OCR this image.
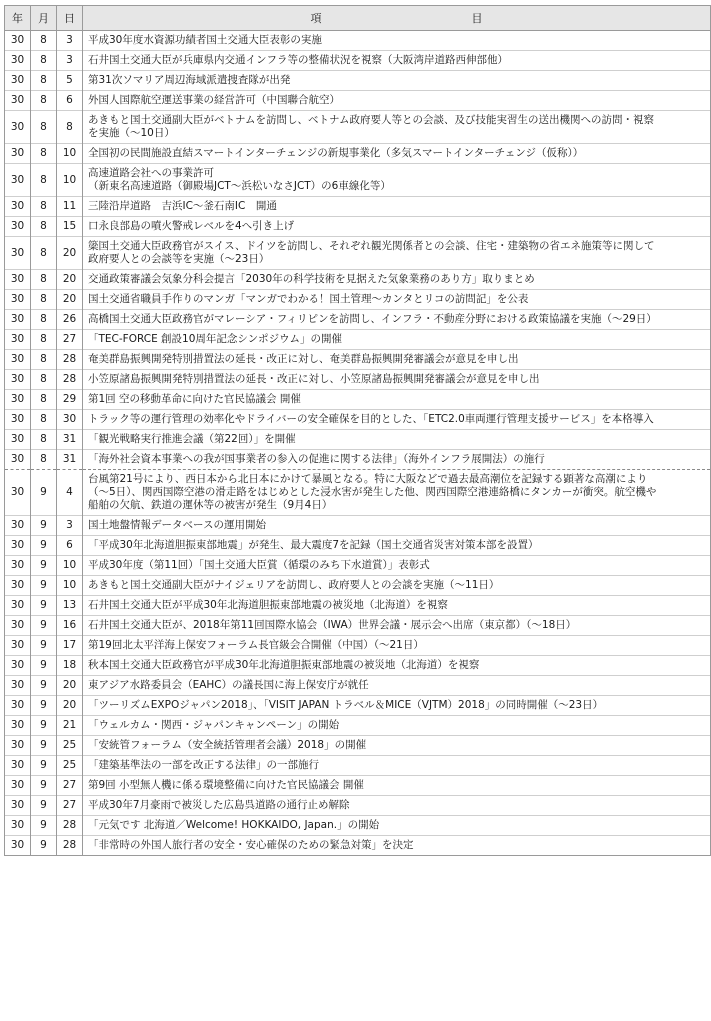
年	月	日	項 目
30	8	3	平成30年度水資源功績者国土交通大臣表彰の実施
30	8	3	石井国土交通大臣が兵庫県内交通インフラ等の整備状況を視察（大阪湾岸道路西伸部他）
30	8	5	第31次ソマリア周辺海域派遣捜査隊が出発
30	8	6	外国人国際航空運送事業の経営許可（中国聯合航空）
30	8	8	あきもと国土交通副大臣がベトナムを訪問し、ベトナム政府要人等との会談、及び技能実習生の送出機関への訪問・視察
を実施（～10日）
30	8	10	全国初の民間施設直結スマートインターチェンジの新規事業化（多気スマートインターチェンジ（仮称））
30	8	10	高速道路会社への事業許可
（新東名高速道路（御殿場JCT～浜松いなさJCT）の6車線化等）
30	8	11	三陸沿岸道路　吉浜IC～釜石南IC　開通
30	8	15	口永良部島の噴火警戒レベルを4へ引き上げ
30	8	20	簗国土交通大臣政務官がスイス、ドイツを訪問し、それぞれ観光関係者との会談、住宅・建築物の省エネ施策等に関して
政府要人との会談等を実施（～23日）
30	8	20	交通政策審議会気象分科会提言「2030年の科学技術を見据えた気象業務のあり方」取りまとめ
30	8	20	国土交通省職員手作りのマンガ「マンガでわかる！国土管理～カンタとリコの訪問記」を公表
30	8	26	高橋国土交通大臣政務官がマレーシア・フィリピンを訪問し、インフラ・不動産分野における政策協議を実施（～29日）
30	8	27	「TEC-FORCE 創設10周年記念シンポジウム」の開催
30	8	28	奄美群島振興開発特別措置法の延長・改正に対し、奄美群島振興開発審議会が意見を申し出
30	8	28	小笠原諸島振興開発特別措置法の延長・改正に対し、小笠原諸島振興開発審議会が意見を申し出
30	8	29	第1回 空の移動革命に向けた官民協議会 開催
30	8	30	トラック等の運行管理の効率化やドライバーの安全確保を目的とした、「ETC2.0車両運行管理支援サービス」を本格導入
30	8	31	「観光戦略実行推進会議（第22回）」を開催
30	8	31	「海外社会資本事業への我が国事業者の参入の促進に関する法律」（海外インフラ展開法）の施行
30	9	4	台風第21号により、西日本から北日本にかけて暴風となる。特に大阪などで過去最高潮位を記録する顕著な高潮により
（～5日）、関西国際空港の滑走路をはじめとした浸水害が発生した他、関西国際空港連絡橋にタンカーが衝突。航空機や
船舶の欠航、鉄道の運休等の被害が発生（9月4日）
30	9	3	国土地盤情報データベースの運用開始
30	9	6	「平成30年北海道胆振東部地震」が発生、最大震度7を記録（国土交通省災害対策本部を設置）
30	9	10	平成30年度（第11回）「国土交通大臣賞（循環のみち下水道賞）」表彰式
30	9	10	あきもと国土交通副大臣がナイジェリアを訪問し、政府要人との会談を実施（～11日）
30	9	13	石井国土交通大臣が平成30年北海道胆振東部地震の被災地（北海道）を視察
30	9	16	石井国土交通大臣が、2018年第11回国際水協会（IWA）世界会議・展示会へ出席（東京都）（～18日）
30	9	17	第19回北太平洋海上保安フォーラム長官級会合開催（中国）（～21日）
30	9	18	秋本国土交通大臣政務官が平成30年北海道胆振東部地震の被災地（北海道）を視察
30	9	20	東アジア水路委員会（EAHC）の議長国に海上保安庁が就任
30	9	20	「ツーリズムEXPOジャパン2018」、「VISIT JAPAN トラベル＆MICE（VJTM）2018」の同時開催（～23日）
30	9	21	「ウェルカム・関西・ジャパンキャンペーン」の開始
30	9	25	「安統管フォーラム（安全統括管理者会議）2018」の開催
30	9	25	「建築基準法の一部を改正する法律」の一部施行
30	9	27	第9回 小型無人機に係る環境整備に向けた官民協議会 開催
30	9	27	平成30年7月豪雨で被災した広島呉道路の通行止め解除
30	9	28	「元気です 北海道／Welcome! HOKKAIDO, Japan.」の開始
30	9	28	「非常時の外国人旅行者の安全・安心確保のための緊急対策」を決定
